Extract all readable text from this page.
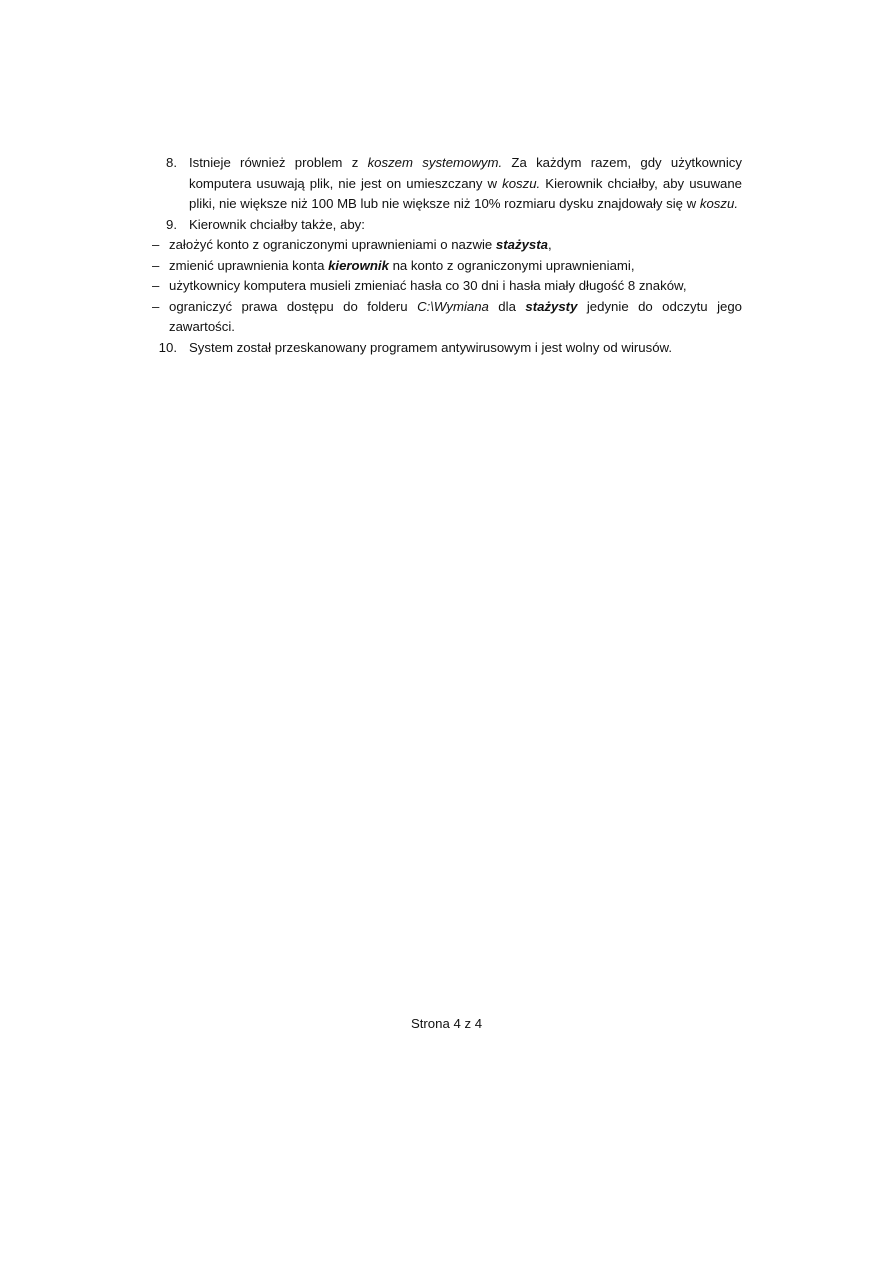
8. Istnieje również problem z koszem systemowym. Za każdym razem, gdy użytkownicy komputera usuwają plik, nie jest on umieszczany w koszu. Kierownik chciałby, aby usuwane pliki, nie większe niż 100 MB lub nie większe niż 10% rozmiaru dysku znajdowały się w koszu.
9. Kierownik chciałby także, aby:
– założyć konto z ograniczonymi uprawnieniami o nazwie stażysta,
– zmienić uprawnienia konta kierownik na konto z ograniczonymi uprawnieniami,
– użytkownicy komputera musieli zmieniać hasła co 30 dni i hasła miały długość 8 znaków,
– ograniczyć prawa dostępu do folderu C:\Wymiana dla stażysty jedynie do odczytu jego zawartości.
10. System został przeskanowany programem antywirusowym i jest wolny od wirusów.
Strona 4 z 4
